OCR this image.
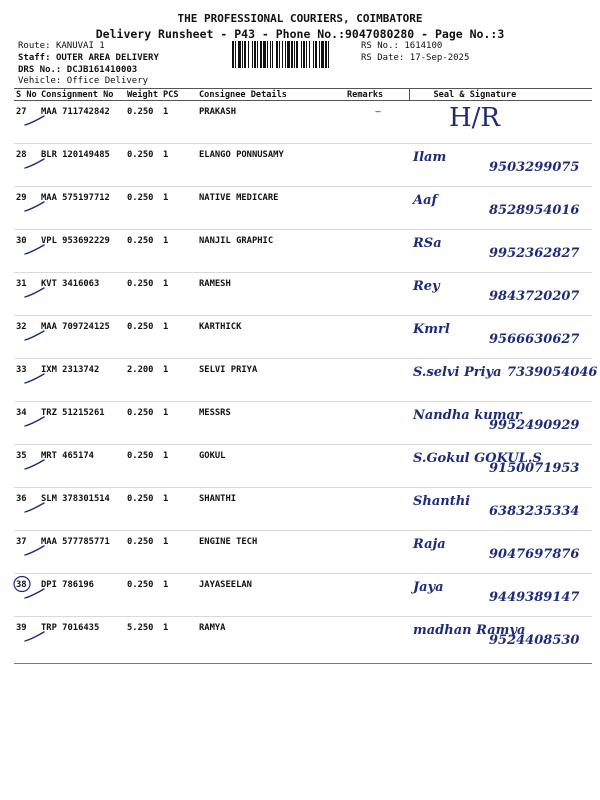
THE PROFESSIONAL COURIERS, COIMBATORE
Delivery Runsheet - P43 - Phone No.:9047080280 - Page No.:3
Route: KANUVAI 1
Staff: OUTER AREA DELIVERY
DRS No.: DCJB161410003
Vehicle: Office Delivery
RS No.: 1614100
RS Date: 17-Sep-2025
S No	Consignment No	Weight	PCS	Consignee Details	Remarks	Seal & Signature
27	MAA 711742842	0.250	1	PRAKASH	—	H/R

28	BLR 120149485	0.250	1	ELANGO PONNUSAMY		Ilam
9503299075

29	MAA 575197712	0.250	1	NATIVE MEDICARE		Aaf
8528954016

30	VPL 953692229	0.250	1	NANJIL GRAPHIC		RSa
9952362827

31	KVT 3416063	0.250	1	RAMESH		Rey
9843720207

32	MAA 709724125	0.250	1	KARTHICK		Kmrl
9566630627

33	IXM 2313742	2.200	1	SELVI PRIYA		S.selvi Priya 7339054046

34	TRZ 51215261	0.250	1	MESSRS		Nandha kumar
9952490929

35	MRT 465174	0.250	1	GOKUL		S.Gokul GOKUL.S
9150071953

36	SLM 378301514	0.250	1	SHANTHI		Shanthi
6383235334

37	MAA 577785771	0.250	1	ENGINE TECH		Raja
9047697876

38	DPI 786196	0.250	1	JAYASEELAN		Jaya
9449389147

39	TRP 7016435	5.250	1	RAMYA		madhan Ramya
9524408530
